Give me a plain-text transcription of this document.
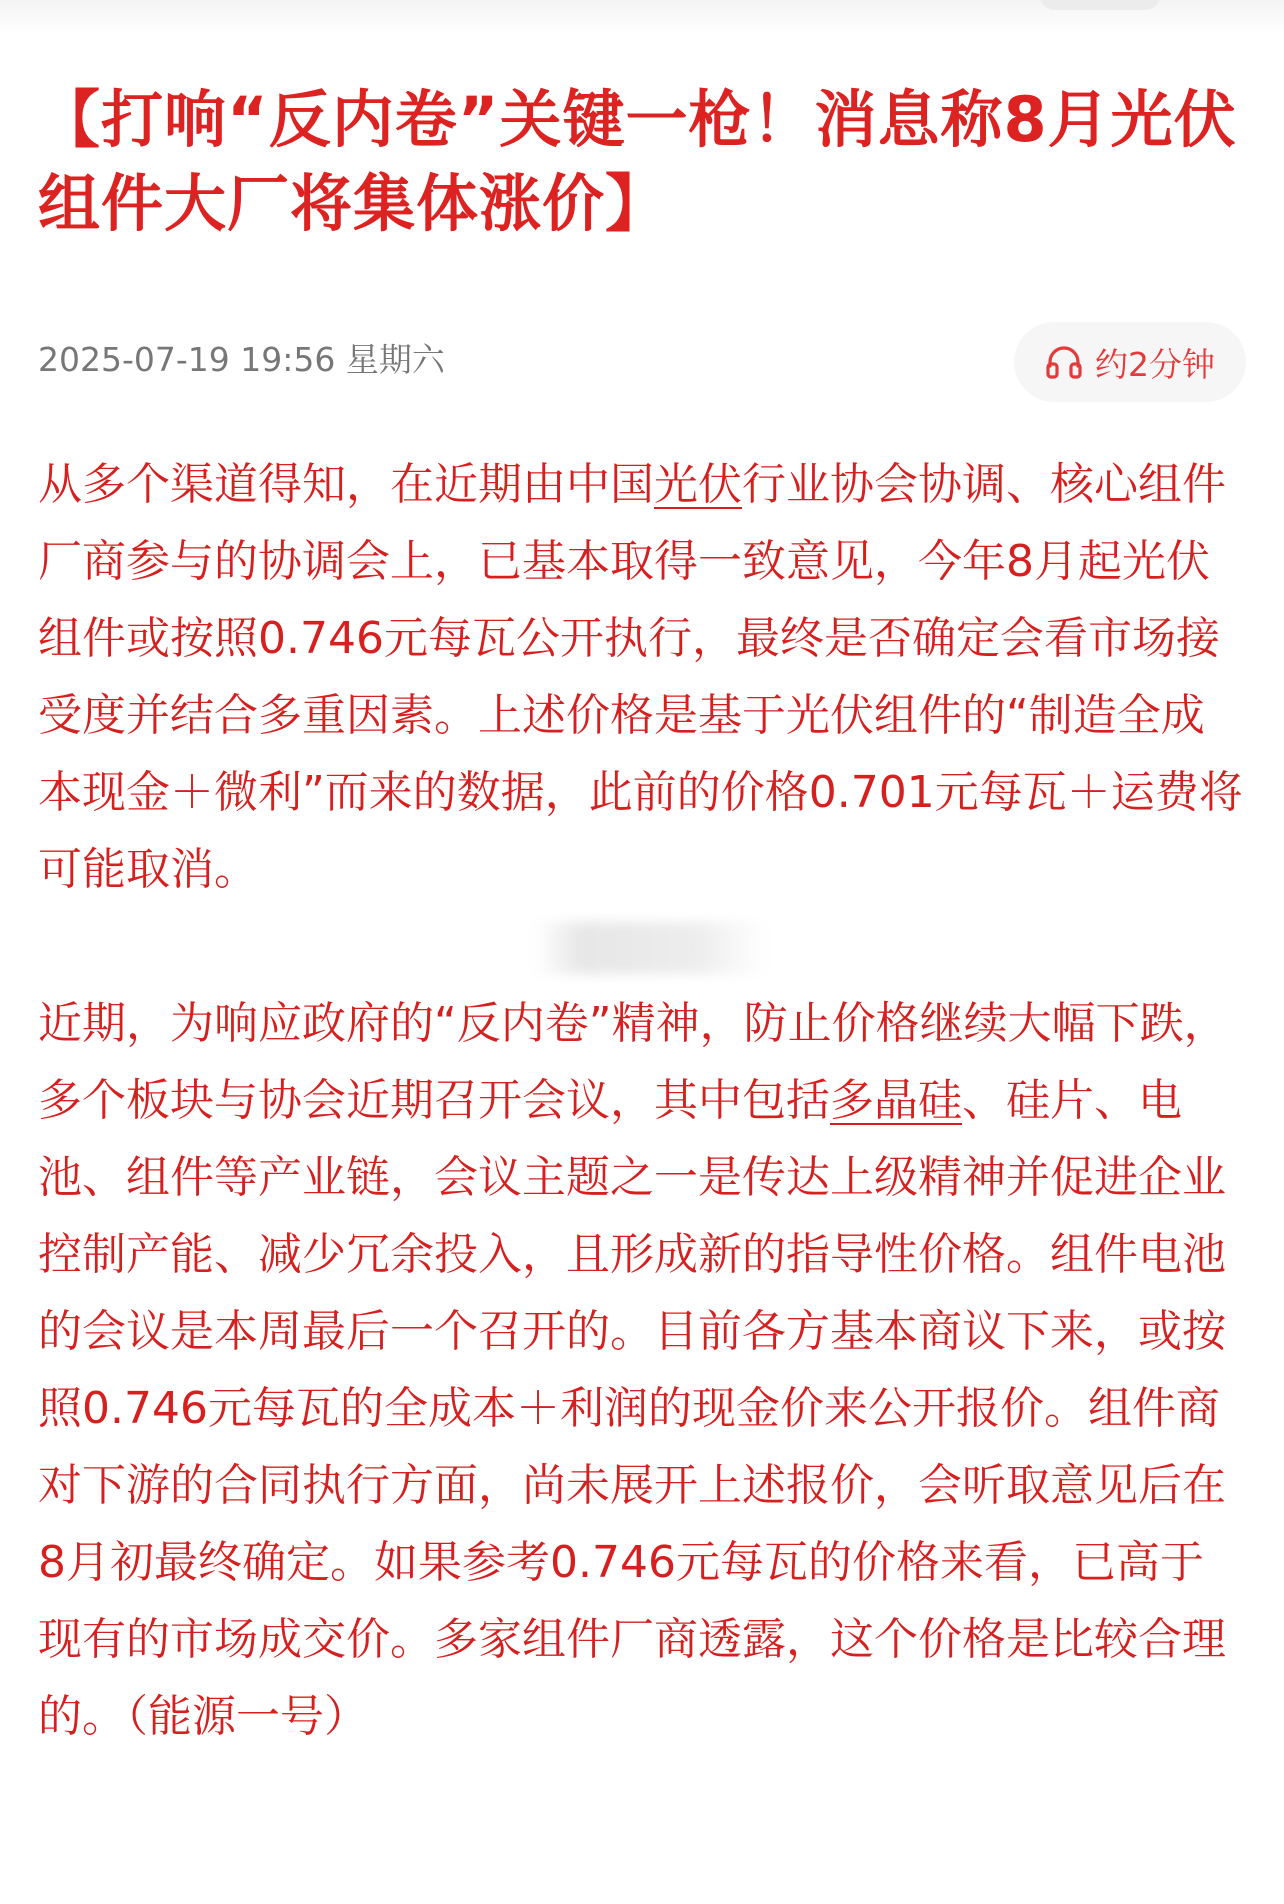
【打响“反内卷”关键一枪！消息称8月光伏组件大厂将集体涨价】
2025-07-19 19:56 星期六	约2分钟

从多个渠道得知，在近期由中国光伏行业协会协调、核心组件厂商参与的协调会上，已基本取得一致意见，今年8月起光伏组件或按照0.746元每瓦公开执行，最终是否确定会看市场接受度并结合多重因素。上述价格是基于光伏组件的“制造全成本现金＋微利”而来的数据，此前的价格0.701元每瓦＋运费将可能取消。

近期，为响应政府的“反内卷”精神，防止价格继续大幅下跌，多个板块与协会近期召开会议，其中包括多晶硅、硅片、电池、组件等产业链，会议主题之一是传达上级精神并促进企业控制产能、减少冗余投入，且形成新的指导性价格。组件电池的会议是本周最后一个召开的。目前各方基本商议下来，或按照0.746元每瓦的全成本＋利润的现金价来公开报价。组件商对下游的合同执行方面，尚未展开上述报价，会听取意见后在8月初最终确定。如果参考0.746元每瓦的价格来看，已高于现有的市场成交价。多家组件厂商透露，这个价格是比较合理的。（能源一号）
